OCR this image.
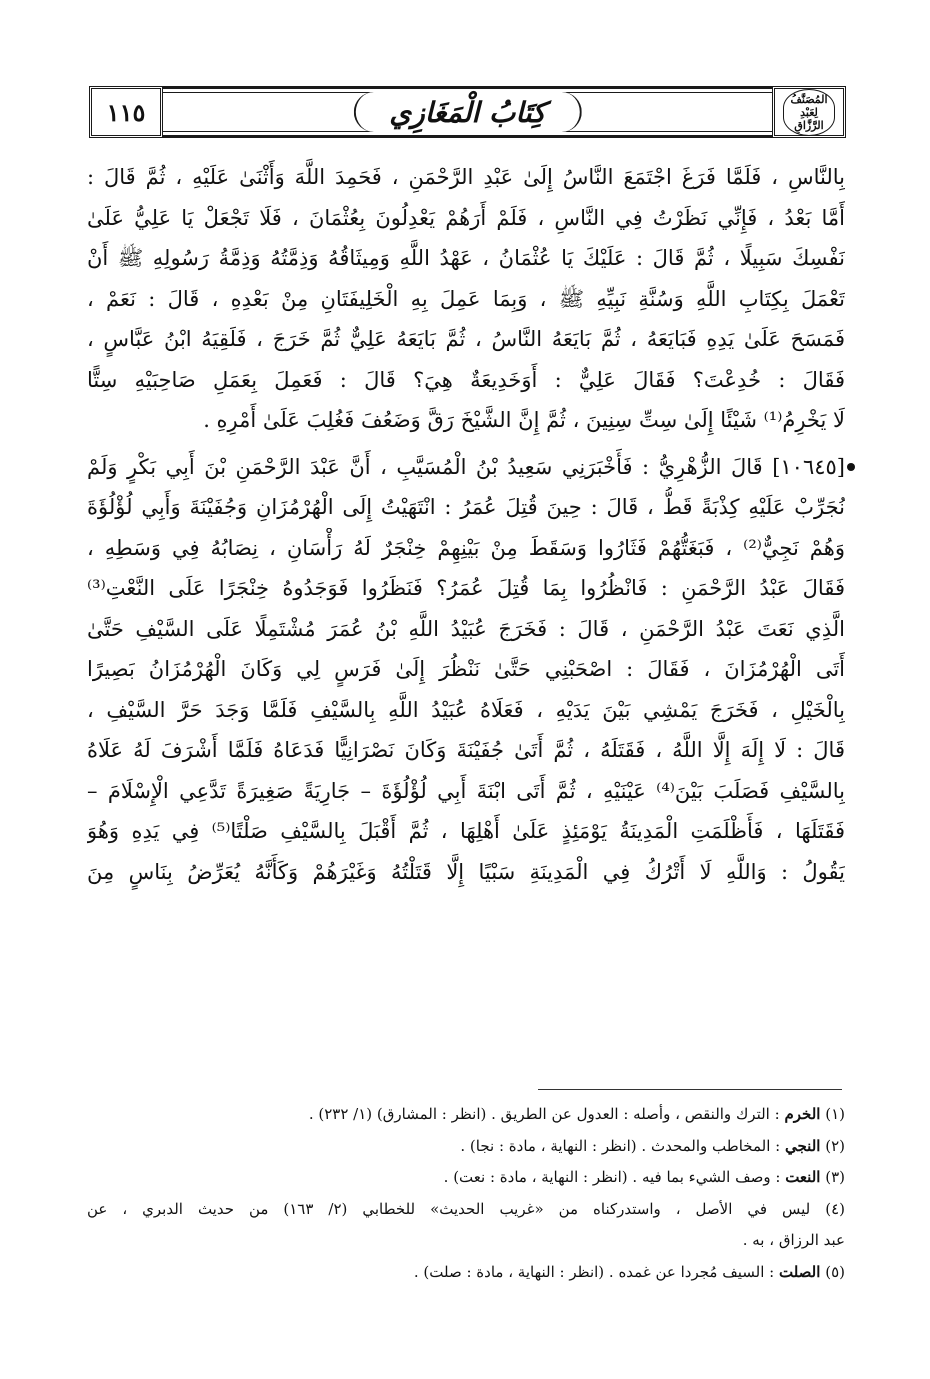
١١٥	كِتَابُ الْمَغَازِي	المُصَنَّفُ
لِعَبْدِ الرَّزَّاقِ
بِالنَّاسِ ، فَلَمَّا فَرَغَ اجْتَمَعَ النَّاسُ إِلَىٰ عَبْدِ الرَّحْمَنِ ، فَحَمِدَ اللَّهَ وَأَثْنَىٰ عَلَيْهِ ، ثُمَّ قَالَ :
أَمَّا بَعْدُ ، فَإِنِّي نَظَرْتُ فِي النَّاسِ ، فَلَمْ أَرَهُمْ يَعْدِلُونَ بِعُثْمَانَ ، فَلَا تَجْعَلْ يَا عَلِيُّ عَلَىٰ
نَفْسِكَ سَبِيلًا ، ثُمَّ قَالَ : عَلَيْكَ يَا عُثْمَانُ ، عَهْدُ اللَّهِ وَمِيثَاقُهُ وَذِمَّتُهُ وَذِمَّةُ رَسُولِهِ ﷺ أَنْ
تَعْمَلَ بِكِتَابِ اللَّهِ وَسُنَّةِ نَبِيِّهِ ﷺ ، وَبِمَا عَمِلَ بِهِ الْخَلِيفَتَانِ مِنْ بَعْدِهِ ، قَالَ : نَعَمْ ،
فَمَسَحَ عَلَىٰ يَدِهِ فَبَايَعَهُ ، ثُمَّ بَايَعَهُ النَّاسُ ، ثُمَّ بَايَعَهُ عَلِيٌّ ثُمَّ خَرَجَ ، فَلَقِيَهُ ابْنُ عَبَّاسٍ ،
فَقَالَ : خُدِعْتَ؟ فَقَالَ عَلِيٌّ : أَوَخَدِيعَةٌ هِيَ؟ قَالَ : فَعَمِلَ بِعَمَلِ صَاحِبَيْهِ سِتًّا
لَا يَخْرِمُ⁽¹⁾ شَيْئًا إِلَىٰ سِتِّ سِنِينَ ، ثُمَّ إِنَّ الشَّيْخَ رَقَّ وَضَعُفَ فَغُلِبَ عَلَىٰ أَمْرِهِ .
[١٠٦٤٥] قَالَ الزُّهْرِيُّ : فَأَخْبَرَنِي سَعِيدُ بْنُ الْمُسَيَّبِ ، أَنَّ عَبْدَ الرَّحْمَنِ بْنَ أَبِي بَكْرٍ وَلَمْ
نُجَرِّبْ عَلَيْهِ كِذْبَةً قَطُّ ، قَالَ : حِينَ قُتِلَ عُمَرُ : انْتَهَيْتُ إِلَى الْهُرْمُزَانِ وَجُفَيْنَةَ وَأَبِي لُؤْلُؤَةَ
وَهُمْ نَجِيٌّ⁽²⁾ ، فَبَغَتُّهُمْ فَثَارُوا وَسَقَطَ مِنْ بَيْنِهِمْ خِنْجَرٌ لَهُ رَأْسَانِ ، نِصَابُهُ فِي وَسَطِهِ ،
فَقَالَ عَبْدُ الرَّحْمَنِ : فَانْظُرُوا بِمَا قُتِلَ عُمَرُ؟ فَنَظَرُوا فَوَجَدُوهُ خِنْجَرًا عَلَى النَّعْتِ⁽³⁾
الَّذِي نَعَتَ عَبْدُ الرَّحْمَنِ ، قَالَ : فَخَرَجَ عُبَيْدُ اللَّهِ بْنُ عُمَرَ مُشْتَمِلًا عَلَى السَّيْفِ حَتَّىٰ
أَتَى الْهُرْمُزَانَ ، فَقَالَ : اصْحَبْنِي حَتَّىٰ نَنْظُرَ إِلَىٰ فَرَسٍ لِي وَكَانَ الْهُرْمُزَانُ بَصِيرًا
بِالْخَيْلِ ، فَخَرَجَ يَمْشِي بَيْنَ يَدَيْهِ ، فَعَلَاهُ عُبَيْدُ اللَّهِ بِالسَّيْفِ فَلَمَّا وَجَدَ حَرَّ السَّيْفِ ،
قَالَ : لَا إِلَهَ إِلَّا اللَّهُ ، فَقَتَلَهُ ، ثُمَّ أَتَىٰ جُفَيْنَةَ وَكَانَ نَصْرَانِيًّا فَدَعَاهُ فَلَمَّا أَشْرَفَ لَهُ عَلَاهُ
بِالسَّيْفِ فَصَلَبَ بَيْنَ⁽⁴⁾ عَيْنَيْهِ ، ثُمَّ أَتَى ابْنَةَ أَبِي لُؤْلُؤَةَ – جَارِيَةً صَغِيرَةً تَدَّعِي الْإِسْلَامَ –
فَقَتَلَهَا ، فَأَظْلَمَتِ الْمَدِينَةُ يَوْمَئِذٍ عَلَىٰ أَهْلِهَا ، ثُمَّ أَقْبَلَ بِالسَّيْفِ صَلْتًا⁽⁵⁾ فِي يَدِهِ وَهُوَ
يَقُولُ : وَاللَّهِ لَا أَتْرُكُ فِي الْمَدِينَةِ سَبْيًا إِلَّا قَتَلْتُهُ وَغَيْرَهُمْ وَكَأَنَّهُ يُعَرِّضُ بِنَاسٍ مِنَ
(١) الخرم : الترك والنقص ، وأصله : العدول عن الطريق . (انظر : المشارق) (١/ ٢٣٢) .
(٢) النجي : المخاطب والمحدث . (انظر : النهاية ، مادة : نجا) .
(٣) النعت : وصف الشيء بما فيه . (انظر : النهاية ، مادة : نعت) .
(٤) ليس في الأصل ، واستدركناه من «غريب الحديث» للخطابي (٢/ ١٦٣) من حديث الدبري ، عن
عبد الرزاق ، به .
(٥) الصلت : السيف مُجردا عن غمده . (انظر : النهاية ، مادة : صلت) .
